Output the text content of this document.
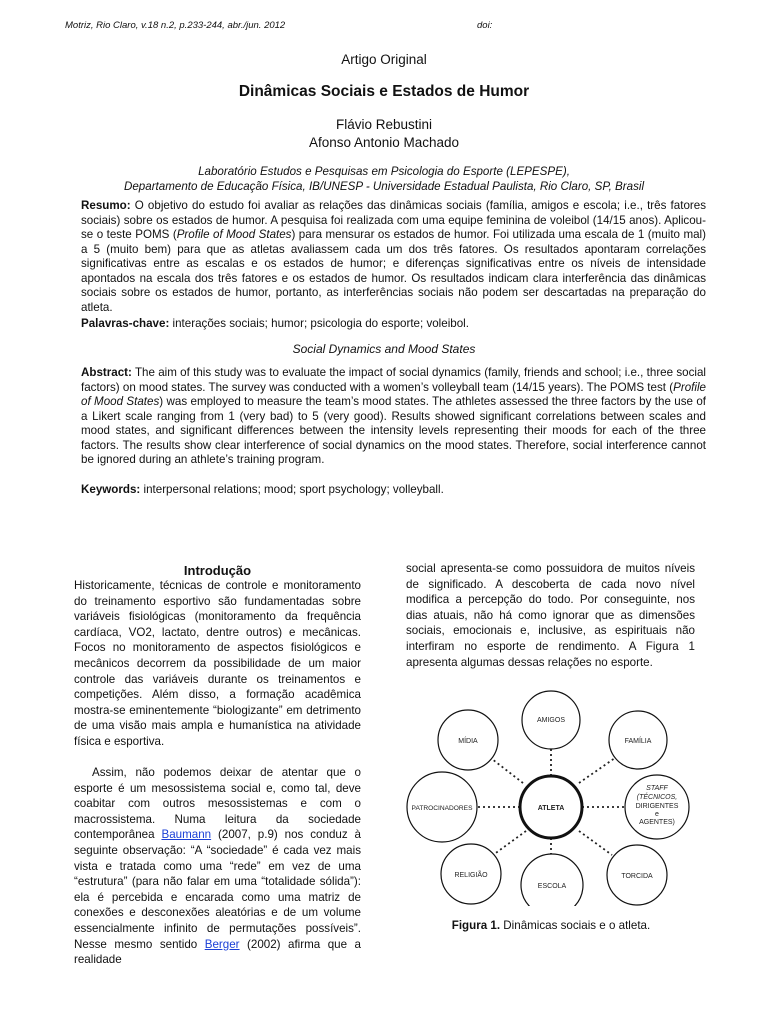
Motriz, Rio Claro, v.18 n.2, p.233-244, abr./jun. 2012	doi:
Artigo Original
Dinâmicas Sociais e Estados de Humor
Flávio Rebustini
Afonso Antonio Machado
Laboratório Estudos e Pesquisas em Psicologia do Esporte (LEPESPE),
Departamento de Educação Física, IB/UNESP - Universidade Estadual Paulista, Rio Claro, SP, Brasil
Resumo: O objetivo do estudo foi avaliar as relações das dinâmicas sociais (família, amigos e escola; i.e., três fatores sociais) sobre os estados de humor. A pesquisa foi realizada com uma equipe feminina de voleibol (14/15 anos). Aplicou-se o teste POMS (Profile of Mood States) para mensurar os estados de humor. Foi utilizada uma escala de 1 (muito mal) a 5 (muito bem) para que as atletas avaliassem cada um dos três fatores. Os resultados apontaram correlações significativas entre as escalas e os estados de humor; e diferenças significativas entre os níveis de intensidade apontados na escala dos três fatores e os estados de humor. Os resultados indicam clara interferência das dinâmicas sociais sobre os estados de humor, portanto, as interferências sociais não podem ser descartadas na preparação do atleta.
Palavras-chave: interações sociais; humor; psicologia do esporte; voleibol.
Social Dynamics and Mood States
Abstract: The aim of this study was to evaluate the impact of social dynamics (family, friends and school; i.e., three social factors) on mood states. The survey was conducted with a women’s volleyball team (14/15 years). The POMS test (Profile of Mood States) was employed to measure the team’s mood states. The athletes assessed the three factors by the use of a Likert scale ranging from 1 (very bad) to 5 (very good). Results showed significant correlations between scales and mood states, and significant differences between the intensity levels representing their moods for each of the three factors. The results show clear interference of social dynamics on the mood states. Therefore, social interference cannot be ignored during an athlete’s training program.
Keywords: interpersonal relations; mood; sport psychology; volleyball.
Introdução
Historicamente, técnicas de controle e monitoramento do treinamento esportivo são fundamentadas sobre variáveis fisiológicas (monitoramento da frequência cardíaca, VO2, lactato, dentre outros) e mecânicas. Focos no monitoramento de aspectos fisiológicos e mecânicos decorrem da possibilidade de um maior controle das variáveis durante os treinamentos e competições. Além disso, a formação acadêmica mostra-se eminentemente “biologizante” em detrimento de uma visão mais ampla e humanística na atividade física e esportiva.
Assim, não podemos deixar de atentar que o esporte é um mesossistema social e, como tal, deve coabitar com outros mesossistemas e com o macrossistema. Numa leitura da sociedade contemporânea Baumann (2007, p.9) nos conduz à seguinte observação: “A “sociedade” é cada vez mais vista e tratada como uma “rede” em vez de uma “estrutura” (para não falar em uma “totalidade sólida”): ela é percebida e encarada como uma matriz de conexões e desconexões aleatórias e de um volume essencialmente infinito de permutações possíveis”. Nesse mesmo sentido Berger (2002) afirma que a realidade
social apresenta-se como possuidora de muitos níveis de significado. A descoberta de cada novo nível modifica a percepção do todo. Por conseguinte, nos dias atuais, não há como ignorar que as dimensões sociais, emocionais e, inclusive, as espirituais não interfiram no esporte de rendimento. A Figura 1 apresenta algumas dessas relações no esporte.
ATLETA
AMIGOS
MÍDIA	FAMÍLIA
PATROCINADORES
STAFF
(TÉCNICOS,
DIRIGENTES
e
AGENTES)
RELIGIÃO
ESCOLA
TORCIDA
Figura 1. Dinâmicas sociais e o atleta.
